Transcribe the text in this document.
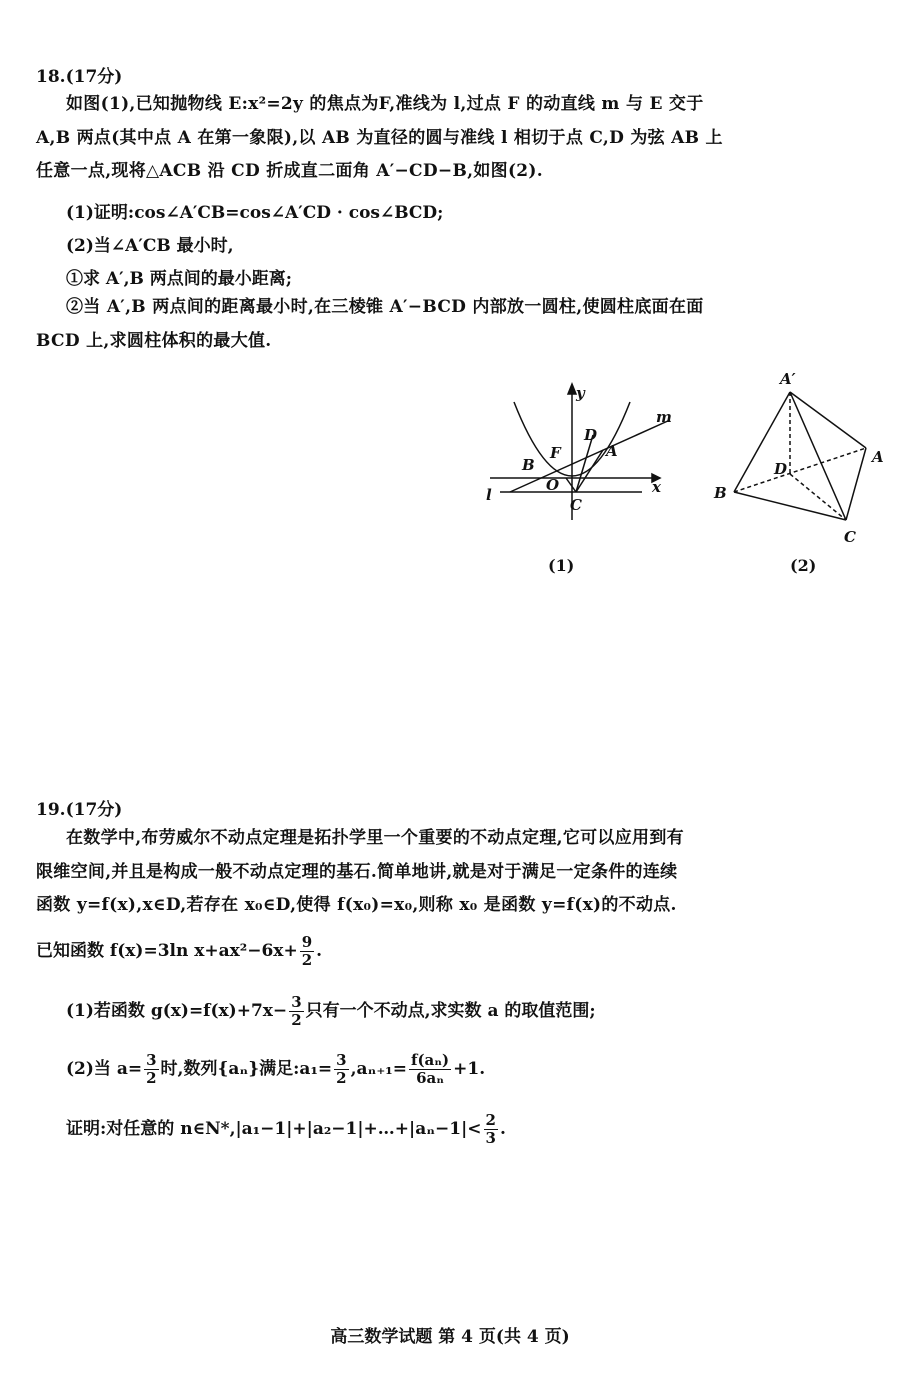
18.(17分)
如图(1),已知抛物线 E:x²=2y 的焦点为F,准线为 l,过点 F 的动直线 m 与 E 交于
A,B 两点(其中点 A 在第一象限),以 AB 为直径的圆与准线 l 相切于点 C,D 为弦 AB 上
任意一点,现将△ACB 沿 CD 折成直二面角 A′−CD−B,如图(2).
(1)证明:cos∠A′CB=cos∠A′CD · cos∠BCD;
(2)当∠A′CB 最小时,
①求 A′,B 两点间的最小距离;
②当 A′,B 两点间的距离最小时,在三棱锥 A′−BCD 内部放一圆柱,使圆柱底面在面
BCD 上,求圆柱体积的最大值.
y
x
m
D
A
F
B
O
C
l
(1)
A′
A
D
B
C
(2)
19.(17分)
在数学中,布劳威尔不动点定理是拓扑学里一个重要的不动点定理,它可以应用到有
限维空间,并且是构成一般不动点定理的基石.简单地讲,就是对于满足一定条件的连续
函数 y=f(x),x∈D,若存在 x₀∈D,使得 f(x₀)=x₀,则称 x₀ 是函数 y=f(x)的不动点.
已知函数 f(x)=3ln $x+ax^2-6x+ \frac{9}{2}$ .
(1)若函数 $g(x)=f(x)+7x- \frac{3}{2}$ 只有一个不动点,求实数 a 的取值范围;
(2)当 $a= \frac{3}{2}$ 时,数列{aₙ}满足:a₁= $\frac{3}{2} ,a_{n+1}= \frac{\text{f(aₙ)}}{\text{6aₙ}} +1$.
证明:对任意的 n∈N*,|a₁−1|+|a₂−1|+…+|aₙ−1|< $\frac{2}{3}$ .
高三数学试题 第 4 页(共 4 页)
